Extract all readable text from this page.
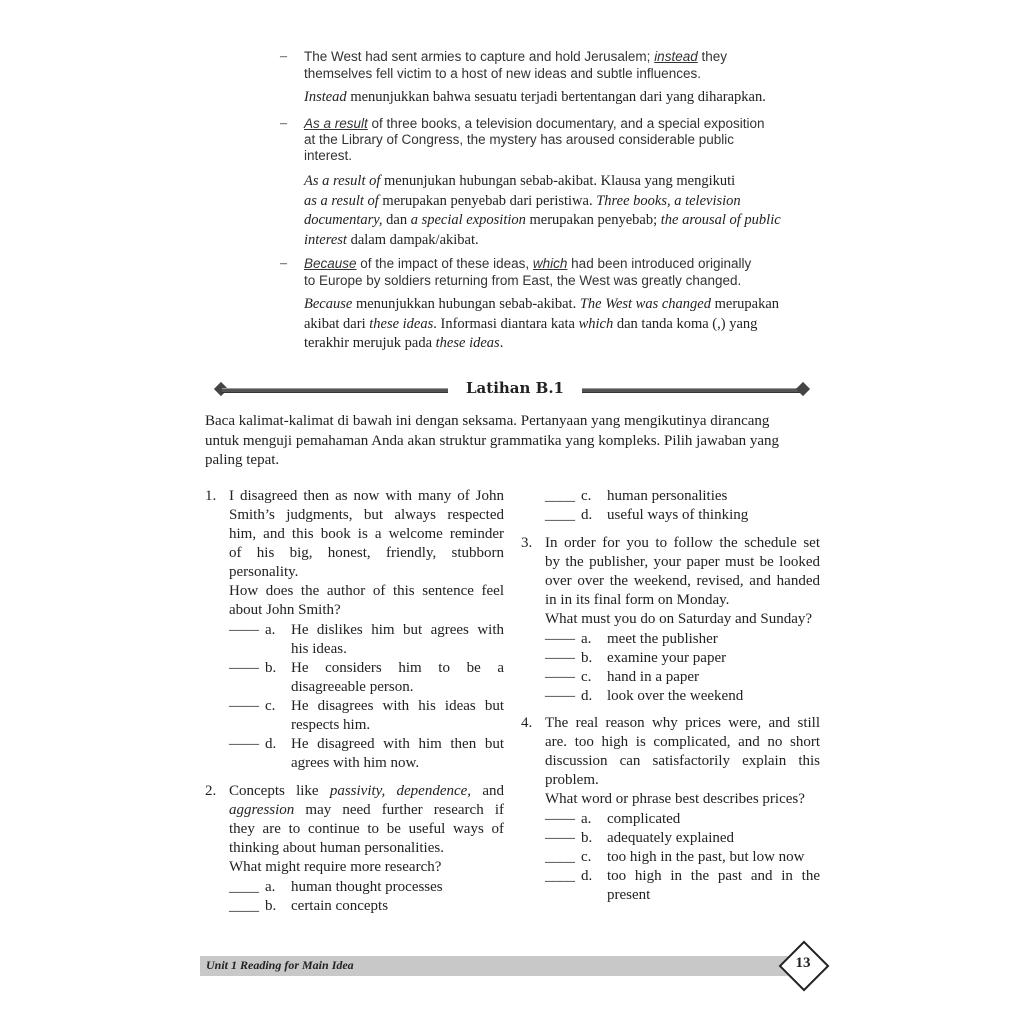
– The West had sent armies to capture and hold Jerusalem; instead they
themselves fell victim to a host of new ideas and subtle influences.
Instead menunjukkan bahwa sesuatu terjadi bertentangan dari yang diharapkan.
– As a result of three books, a television documentary, and a special exposition
at the Library of Congress, the mystery has aroused considerable public
interest.
As a result of menunjukan hubungan sebab-akibat. Klausa yang mengikuti
as a result of merupakan penyebab dari peristiwa. Three books, a television
documentary, dan a special exposition merupakan penyebab; the arousal of public
interest dalam dampak/akibat.
– Because of the impact of these ideas, which had been introduced originally
to Europe by soldiers returning from East, the West was greatly changed.
Because menunjukkan hubungan sebab-akibat. The West was changed merupakan
akibat dari these ideas. Informasi diantara kata which dan tanda koma (,) yang
terakhir merujuk pada these ideas.
Latihan B.1
Baca kalimat-kalimat di bawah ini dengan seksama. Pertanyaan yang mengikutinya dirancang
untuk menguji pemahaman Anda akan struktur grammatika yang kompleks. Pilih jawaban yang
paling tepat.
1. I disagreed then as now with many of John
Smith’s judgments, but always respected
him, and this book is a welcome reminder
of his big, honest, friendly, stubborn
personality.
How does the author of this sentence feel
about John Smith?
—— a. He dislikes him but agrees with
his ideas.
—— b. He considers him to be a
disagreeable person.
—— c. He disagrees with his ideas but
respects him.
—— d. He disagreed with him then but
agrees with him now.
2. Concepts like passivity, dependence, and
aggression may need further research if
they are to continue to be useful ways of
thinking about human personalities.
What might require more research?
____ a. human thought processes
____ b. certain concepts
____ c. human personalities
____ d. useful ways of thinking
3. In order for you to follow the schedule set
by the publisher, your paper must be looked
over over the weekend, revised, and handed
in in its final form on Monday.
What must you do on Saturday and Sunday?
—— a. meet the publisher
—— b. examine your paper
—— c. hand in a paper
—— d. look over the weekend
4. The real reason why prices were, and still
are. too high is complicated, and no short
discussion can satisfactorily explain this
problem.
What word or phrase best describes prices?
—— a. complicated
—— b. adequately explained
____ c. too high in the past, but low now
____ d. too high in the past and in the
present
Unit 1 Reading for Main Idea	13
